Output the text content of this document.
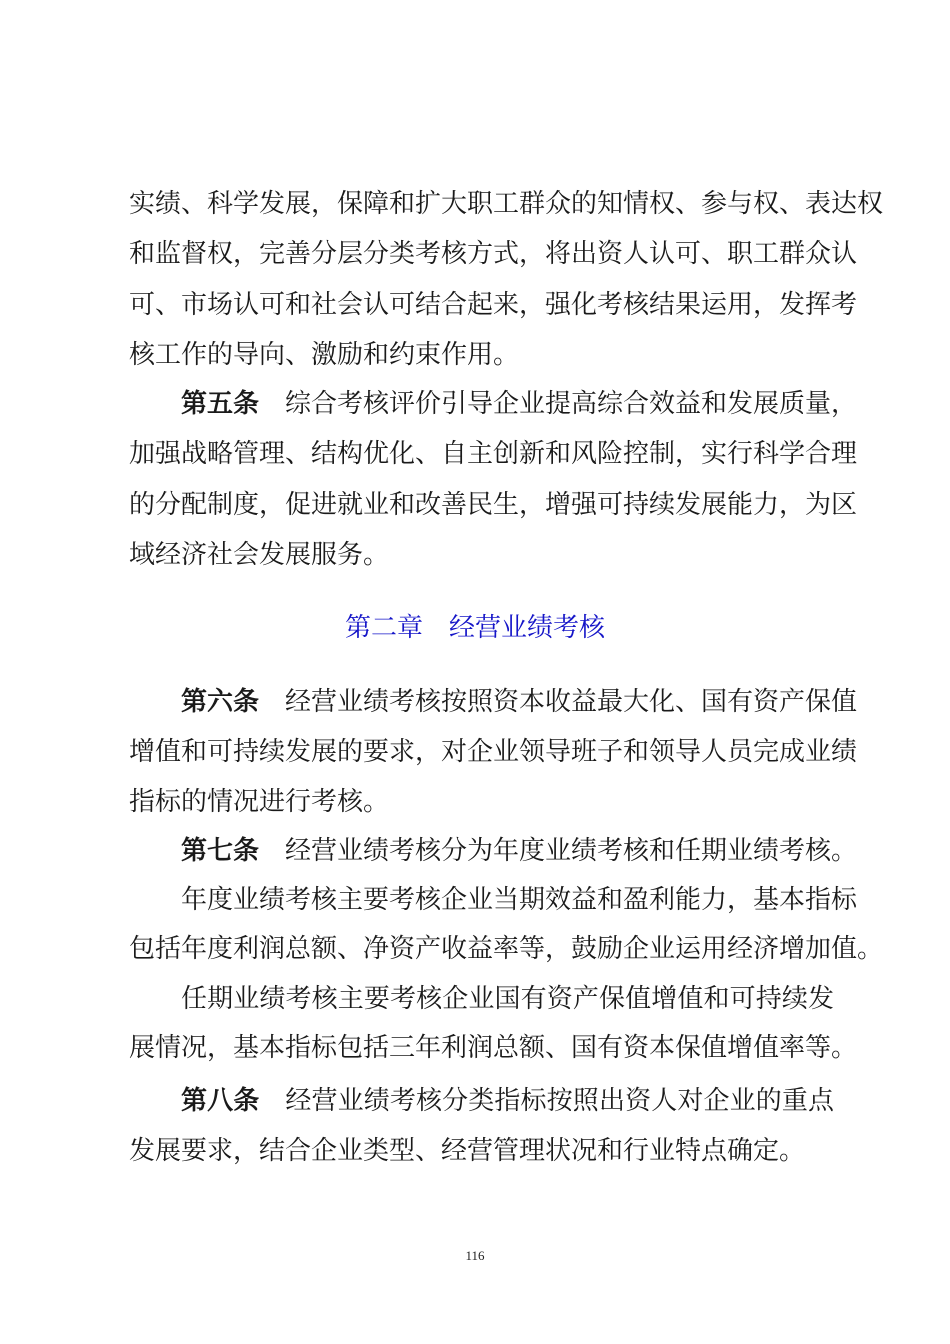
实绩、科学发展，保障和扩大职工群众的知情权、参与权、表达权
和监督权，完善分层分类考核方式，将出资人认可、职工群众认
可、市场认可和社会认可结合起来，强化考核结果运用，发挥考
核工作的导向、激励和约束作用。
第五条 综合考核评价引导企业提高综合效益和发展质量，
加强战略管理、结构优化、自主创新和风险控制，实行科学合理
的分配制度，促进就业和改善民生，增强可持续发展能力，为区
域经济社会发展服务。
第二章 经营业绩考核
第六条 经营业绩考核按照资本收益最大化、国有资产保值
增值和可持续发展的要求，对企业领导班子和领导人员完成业绩
指标的情况进行考核。
第七条 经营业绩考核分为年度业绩考核和任期业绩考核。
年度业绩考核主要考核企业当期效益和盈利能力，基本指标
包括年度利润总额、净资产收益率等，鼓励企业运用经济增加值。
任期业绩考核主要考核企业国有资产保值增值和可持续发
展情况，基本指标包括三年利润总额、国有资本保值增值率等。
第八条 经营业绩考核分类指标按照出资人对企业的重点
发展要求，结合企业类型、经营管理状况和行业特点确定。
116
